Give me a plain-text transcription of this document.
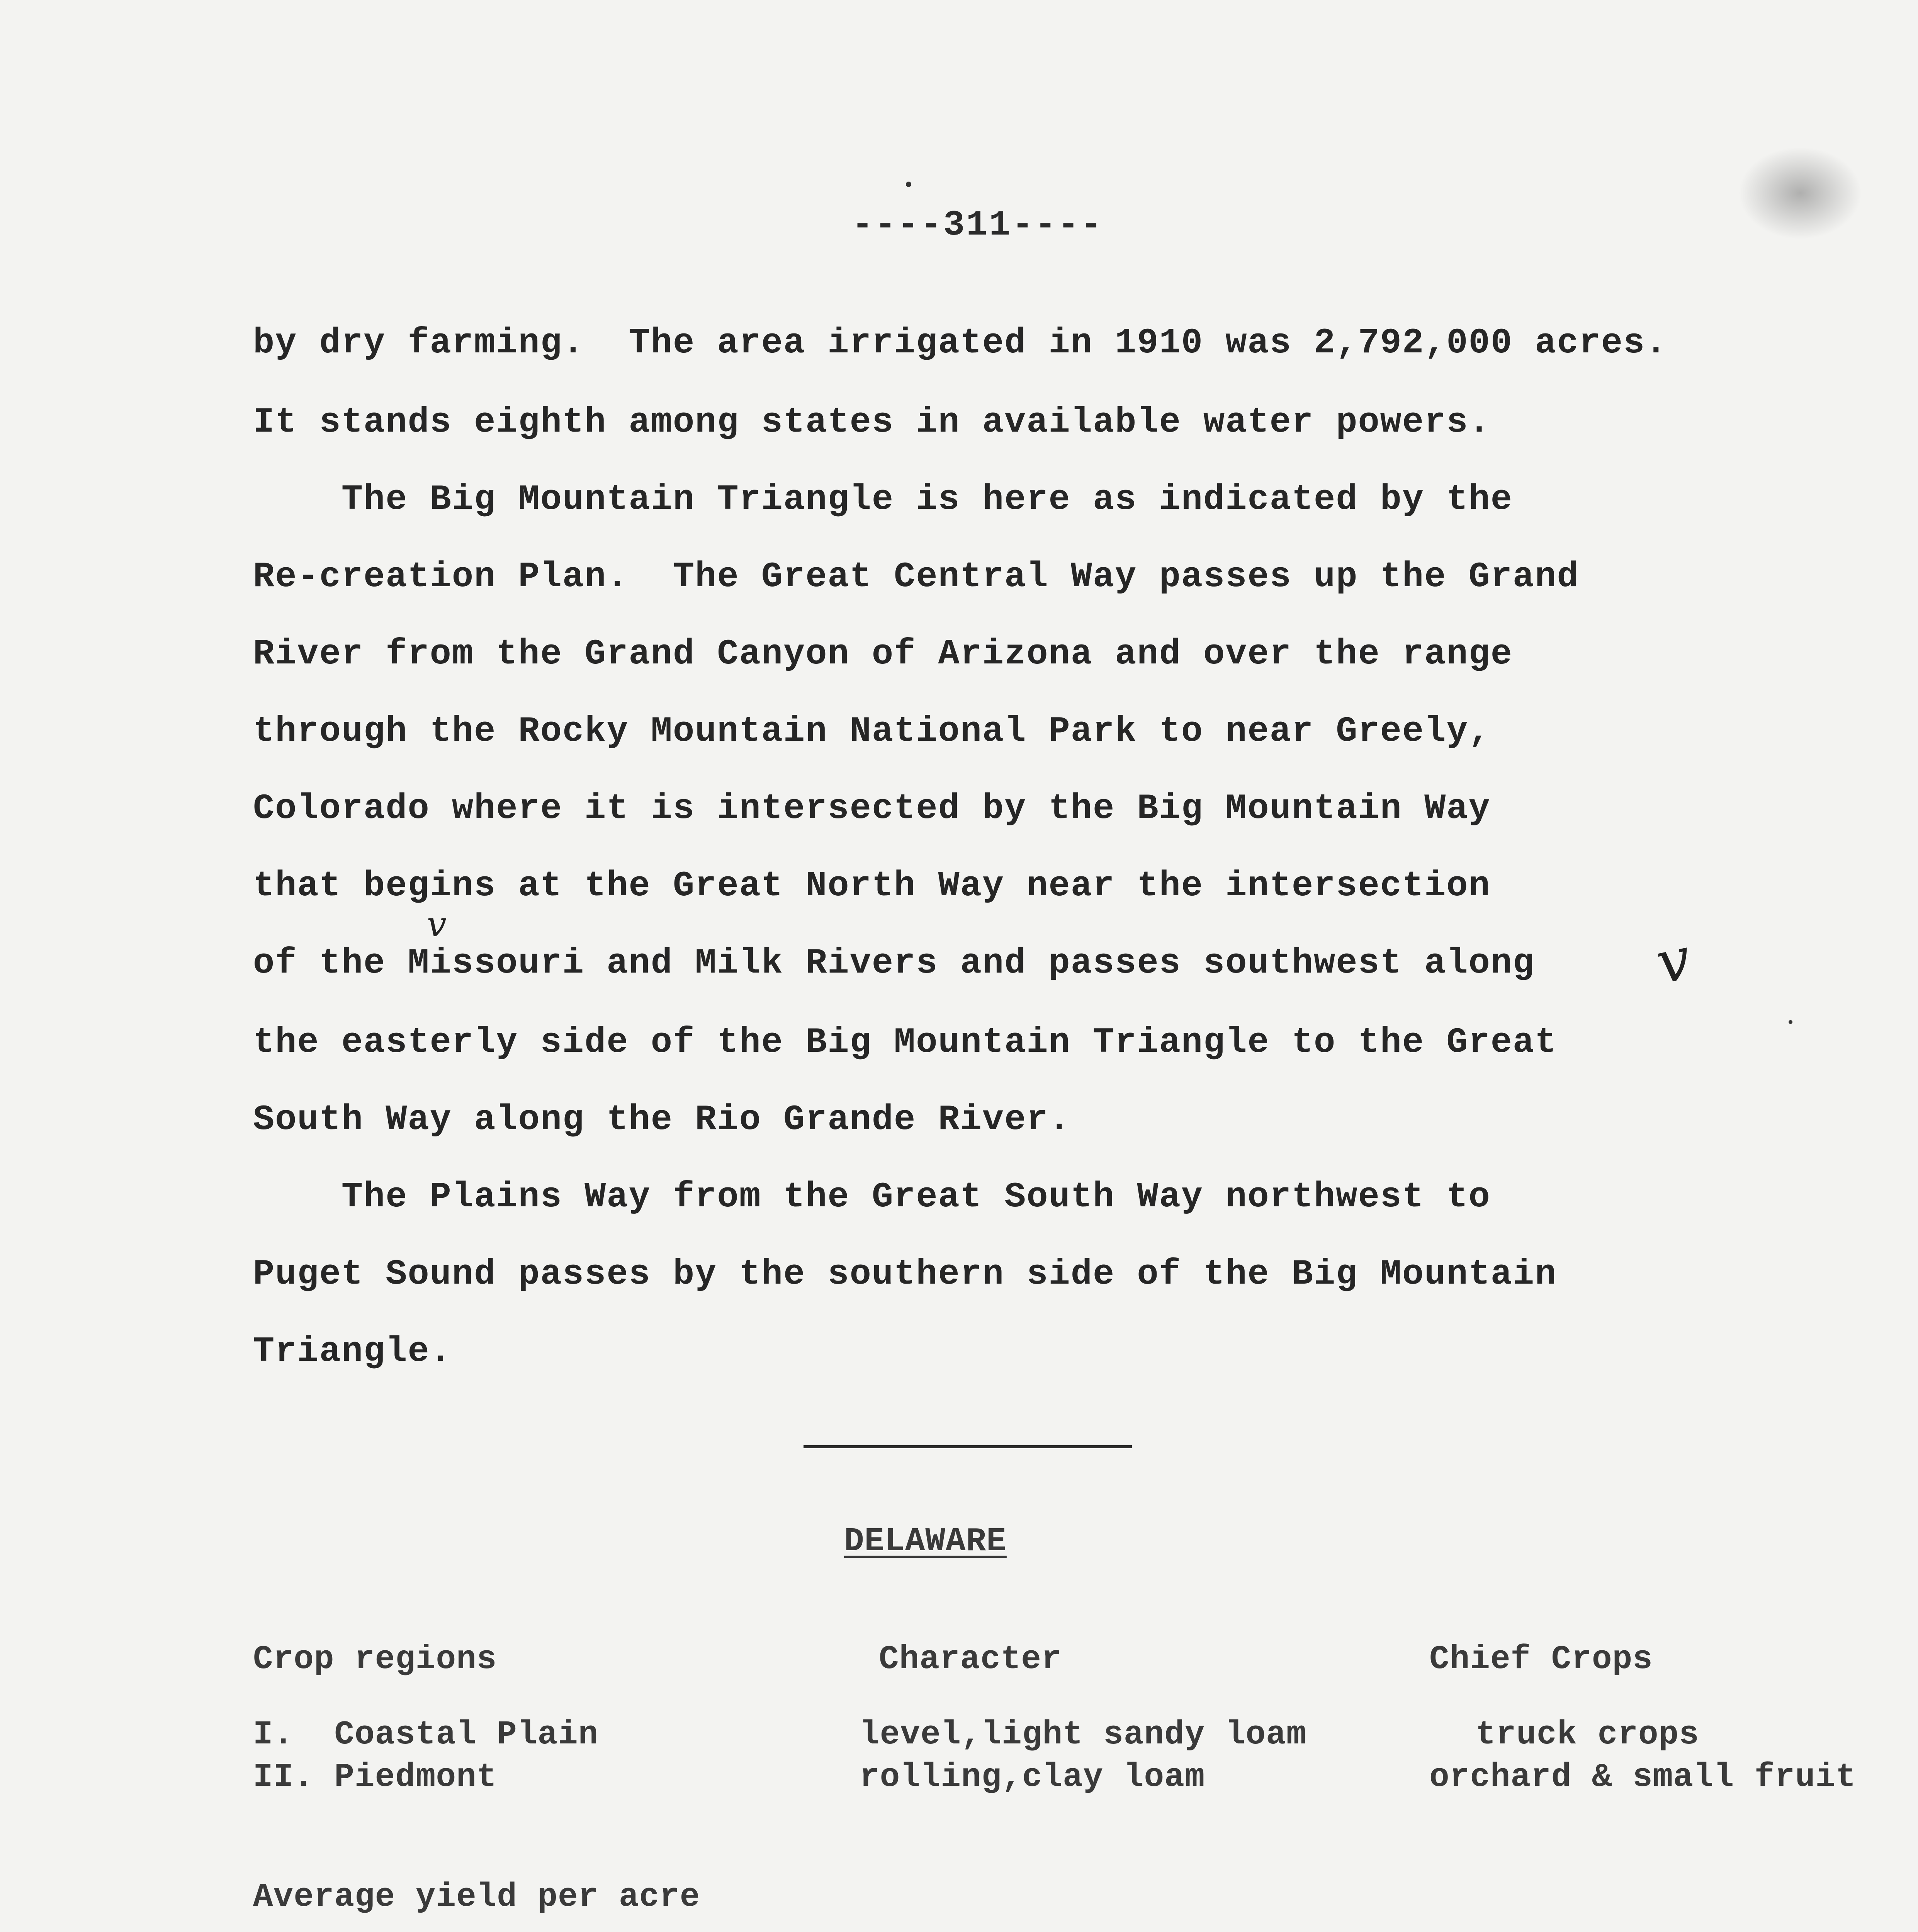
----311----
by dry farming.  The area irrigated in 1910 was 2,792,000 acres.
It stands eighth among states in available water powers.
The Big Mountain Triangle is here as indicated by the
Re-creation Plan.  The Great Central Way passes up the Grand
River from the Grand Canyon of Arizona and over the range
through the Rocky Mountain National Park to near Greely,
Colorado where it is intersected by the Big Mountain Way
that begins at the Great North Way near the intersection
of the Missouri and Milk Rivers and passes southwest along
the easterly side of the Big Mountain Triangle to the Great
South Way along the Rio Grande River.
v
v
The Plains Way from the Great South Way northwest to
Puget Sound passes by the southern side of the Big Mountain
Triangle.
DELAWARE
Crop regions	Character	Chief Crops
I.  Coastal Plain	level,light sandy loam	truck crops
II. Piedmont	rolling,clay loam	orchard & small fruit
Average yield per acre
